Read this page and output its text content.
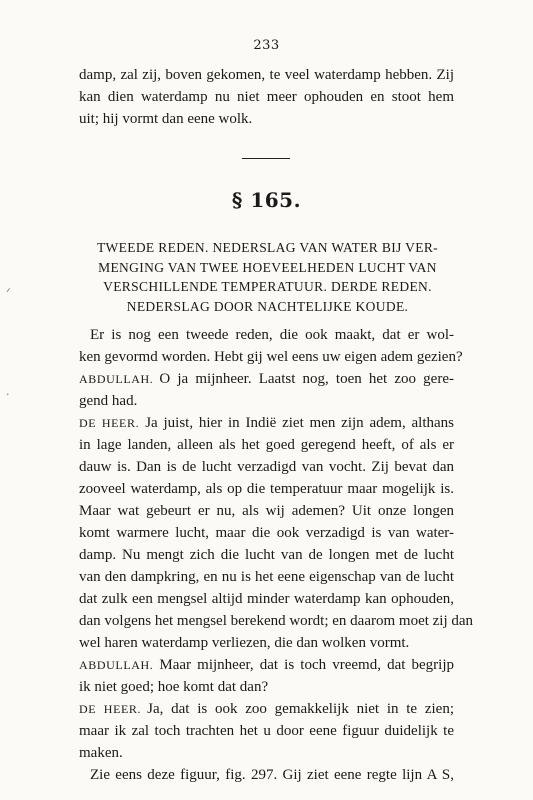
233
damp, zal zij, boven gekomen, te veel waterdamp hebben. Zij
kan dien waterdamp nu niet meer ophouden en stoot hem
uit; hij vormt dan eene wolk.
§ 165.
TWEEDE REDEN. NEDERSLAG VAN WATER BIJ VER-
MENGING VAN TWEE HOEVEELHEDEN LUCHT VAN
VERSCHILLENDE TEMPERATUUR. DERDE REDEN.
NEDERSLAG DOOR NACHTELIJKE KOUDE.
Er is nog een tweede reden, die ook maakt, dat er wol-
ken gevormd worden. Hebt gij wel eens uw eigen adem gezien?
ABDULLAH. O ja mijnheer. Laatst nog, toen het zoo gere-
gend had.
DE HEER. Ja juist, hier in Indië ziet men zijn adem, althans
in lage landen, alleen als het goed geregend heeft, of als er
dauw is. Dan is de lucht verzadigd van vocht. Zij bevat dan
zooveel waterdamp, als op die temperatuur maar mogelijk is.
Maar wat gebeurt er nu, als wij ademen? Uit onze longen
komt warmere lucht, maar die ook verzadigd is van water-
damp. Nu mengt zich die lucht van de longen met de lucht
van den dampkring, en nu is het eene eigenschap van de lucht
dat zulk een mengsel altijd minder waterdamp kan ophouden,
dan volgens het mengsel berekend wordt; en daarom moet zij dan
wel haren waterdamp verliezen, die dan wolken vormt.
ABDULLAH. Maar mijnheer, dat is toch vreemd, dat begrijp
ik niet goed; hoe komt dat dan?
DE HEER. Ja, dat is ook zoo gemakkelijk niet in te zien;
maar ik zal toch trachten het u door eene figuur duidelijk te
maken.
Zie eens deze figuur, fig. 297. Gij ziet eene regte lijn A S,
ᐟ
·
